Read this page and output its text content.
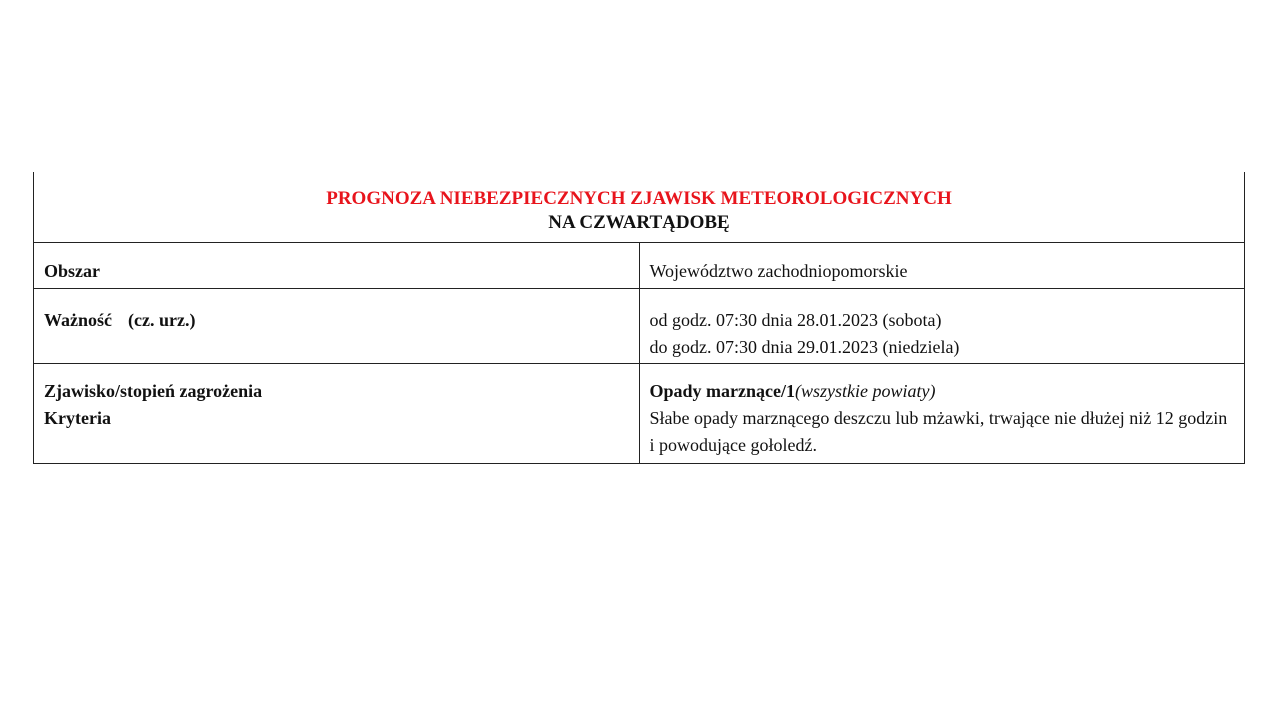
PROGNOZA NIEBEZPIECZNYCH ZJAWISK METEOROLOGICZNYCH
NA CZWARTĄDOBĘ	

Obszar	Województwo zachodniopomorskie
Ważność (cz. urz.)	od godz. 07:30 dnia 28.01.2023 (sobota)
do godz. 07:30 dnia 29.01.2023 (niedziela)

Zjawisko/stopień zagrożenia
Kryteria	Opady marznące/1(wszystkie powiaty)
Słabe opady marznącego deszczu lub mżawki, trwające nie dłużej niż 12 godzin i powodujące gołoledź.
